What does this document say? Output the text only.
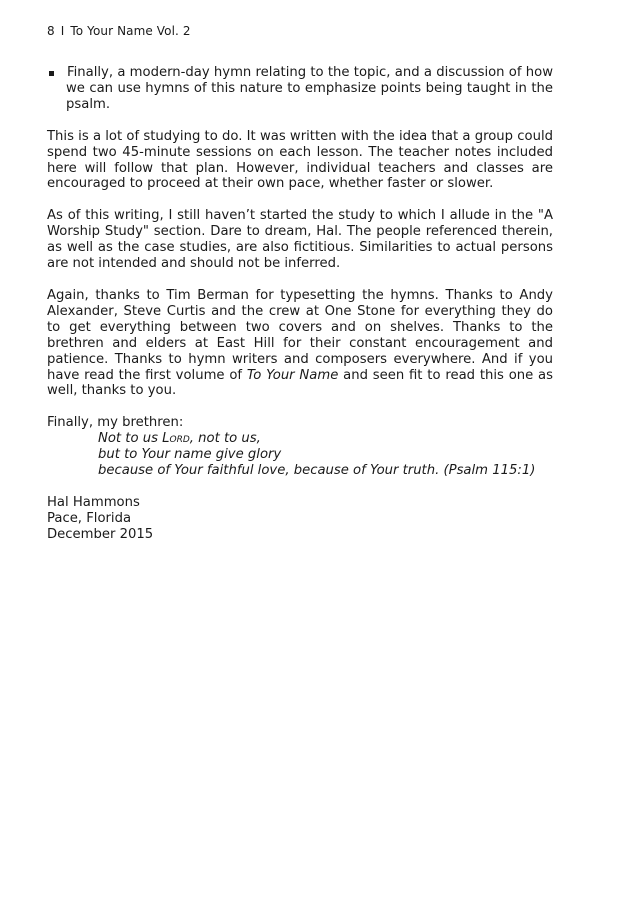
8 I To Your Name Vol. 2
Finally, a modern-day hymn relating to the topic, and a discussion of how we can use hymns of this nature to emphasize points being taught in the psalm.

This is a lot of studying to do. It was written with the idea that a group could spend two 45-minute sessions on each lesson. The teacher notes included here will follow that plan. However, individual teachers and classes are encouraged to proceed at their own pace, whether faster or slower.

As of this writing, I still haven’t started the study to which I allude in the "A Worship Study" section. Dare to dream, Hal. The people referenced therein, as well as the case studies, are also fictitious. Similarities to actual persons are not intended and should not be inferred.

Again, thanks to Tim Berman for typesetting the hymns. Thanks to Andy Alexander, Steve Curtis and the crew at One Stone for everything they do to get everything between two covers and on shelves. Thanks to the brethren and elders at East Hill for their constant encouragement and patience. Thanks to hymn writers and composers everywhere. And if you have read the first volume of To Your Name and seen fit to read this one as well, thanks to you.

Finally, my brethren:
Not to us Lord, not to us,
but to Your name give glory
because of Your faithful love, because of Your truth. (Psalm 115:1)
Hal Hammons
Pace, Florida
December 2015
